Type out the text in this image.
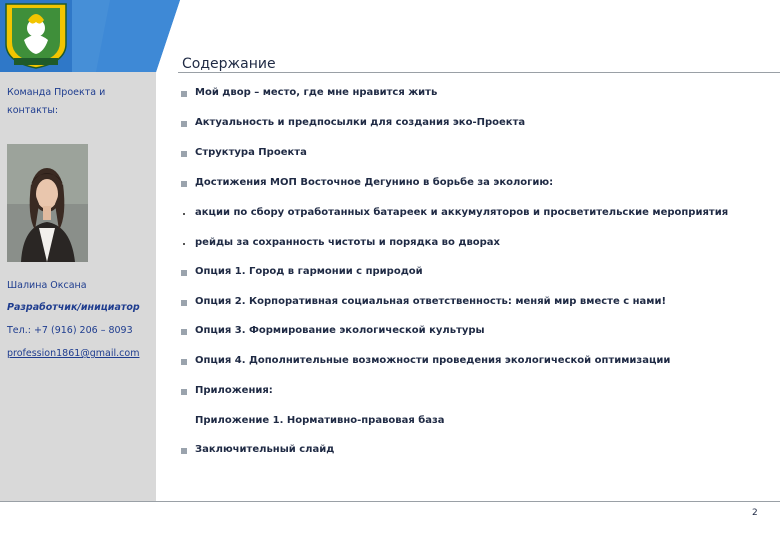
Команда Проекта и контакты:
Шалина Оксана
Разработчик/инициатор
Тел.: +7 (916) 206 – 8093
profession1861@gmail.com
Содержание
Мой двор – место, где мне нравится жить
Актуальность и предпосылки для создания эко-Проекта
Структура Проекта
Достижения МОП Восточное Дегунино в борьбе за экологию:
акции по сбору отработанных батареек и аккумуляторов и просветительские мероприятия
рейды за сохранность чистоты и порядка во дворах
Опция 1. Город в гармонии с природой
Опция 2. Корпоративная социальная ответственность: меняй мир вместе с нами!
Опция 3. Формирование экологической культуры
Опция 4. Дополнительные возможности проведения экологической оптимизации
Приложения:
Приложение 1. Нормативно-правовая база
Заключительный слайд
2
